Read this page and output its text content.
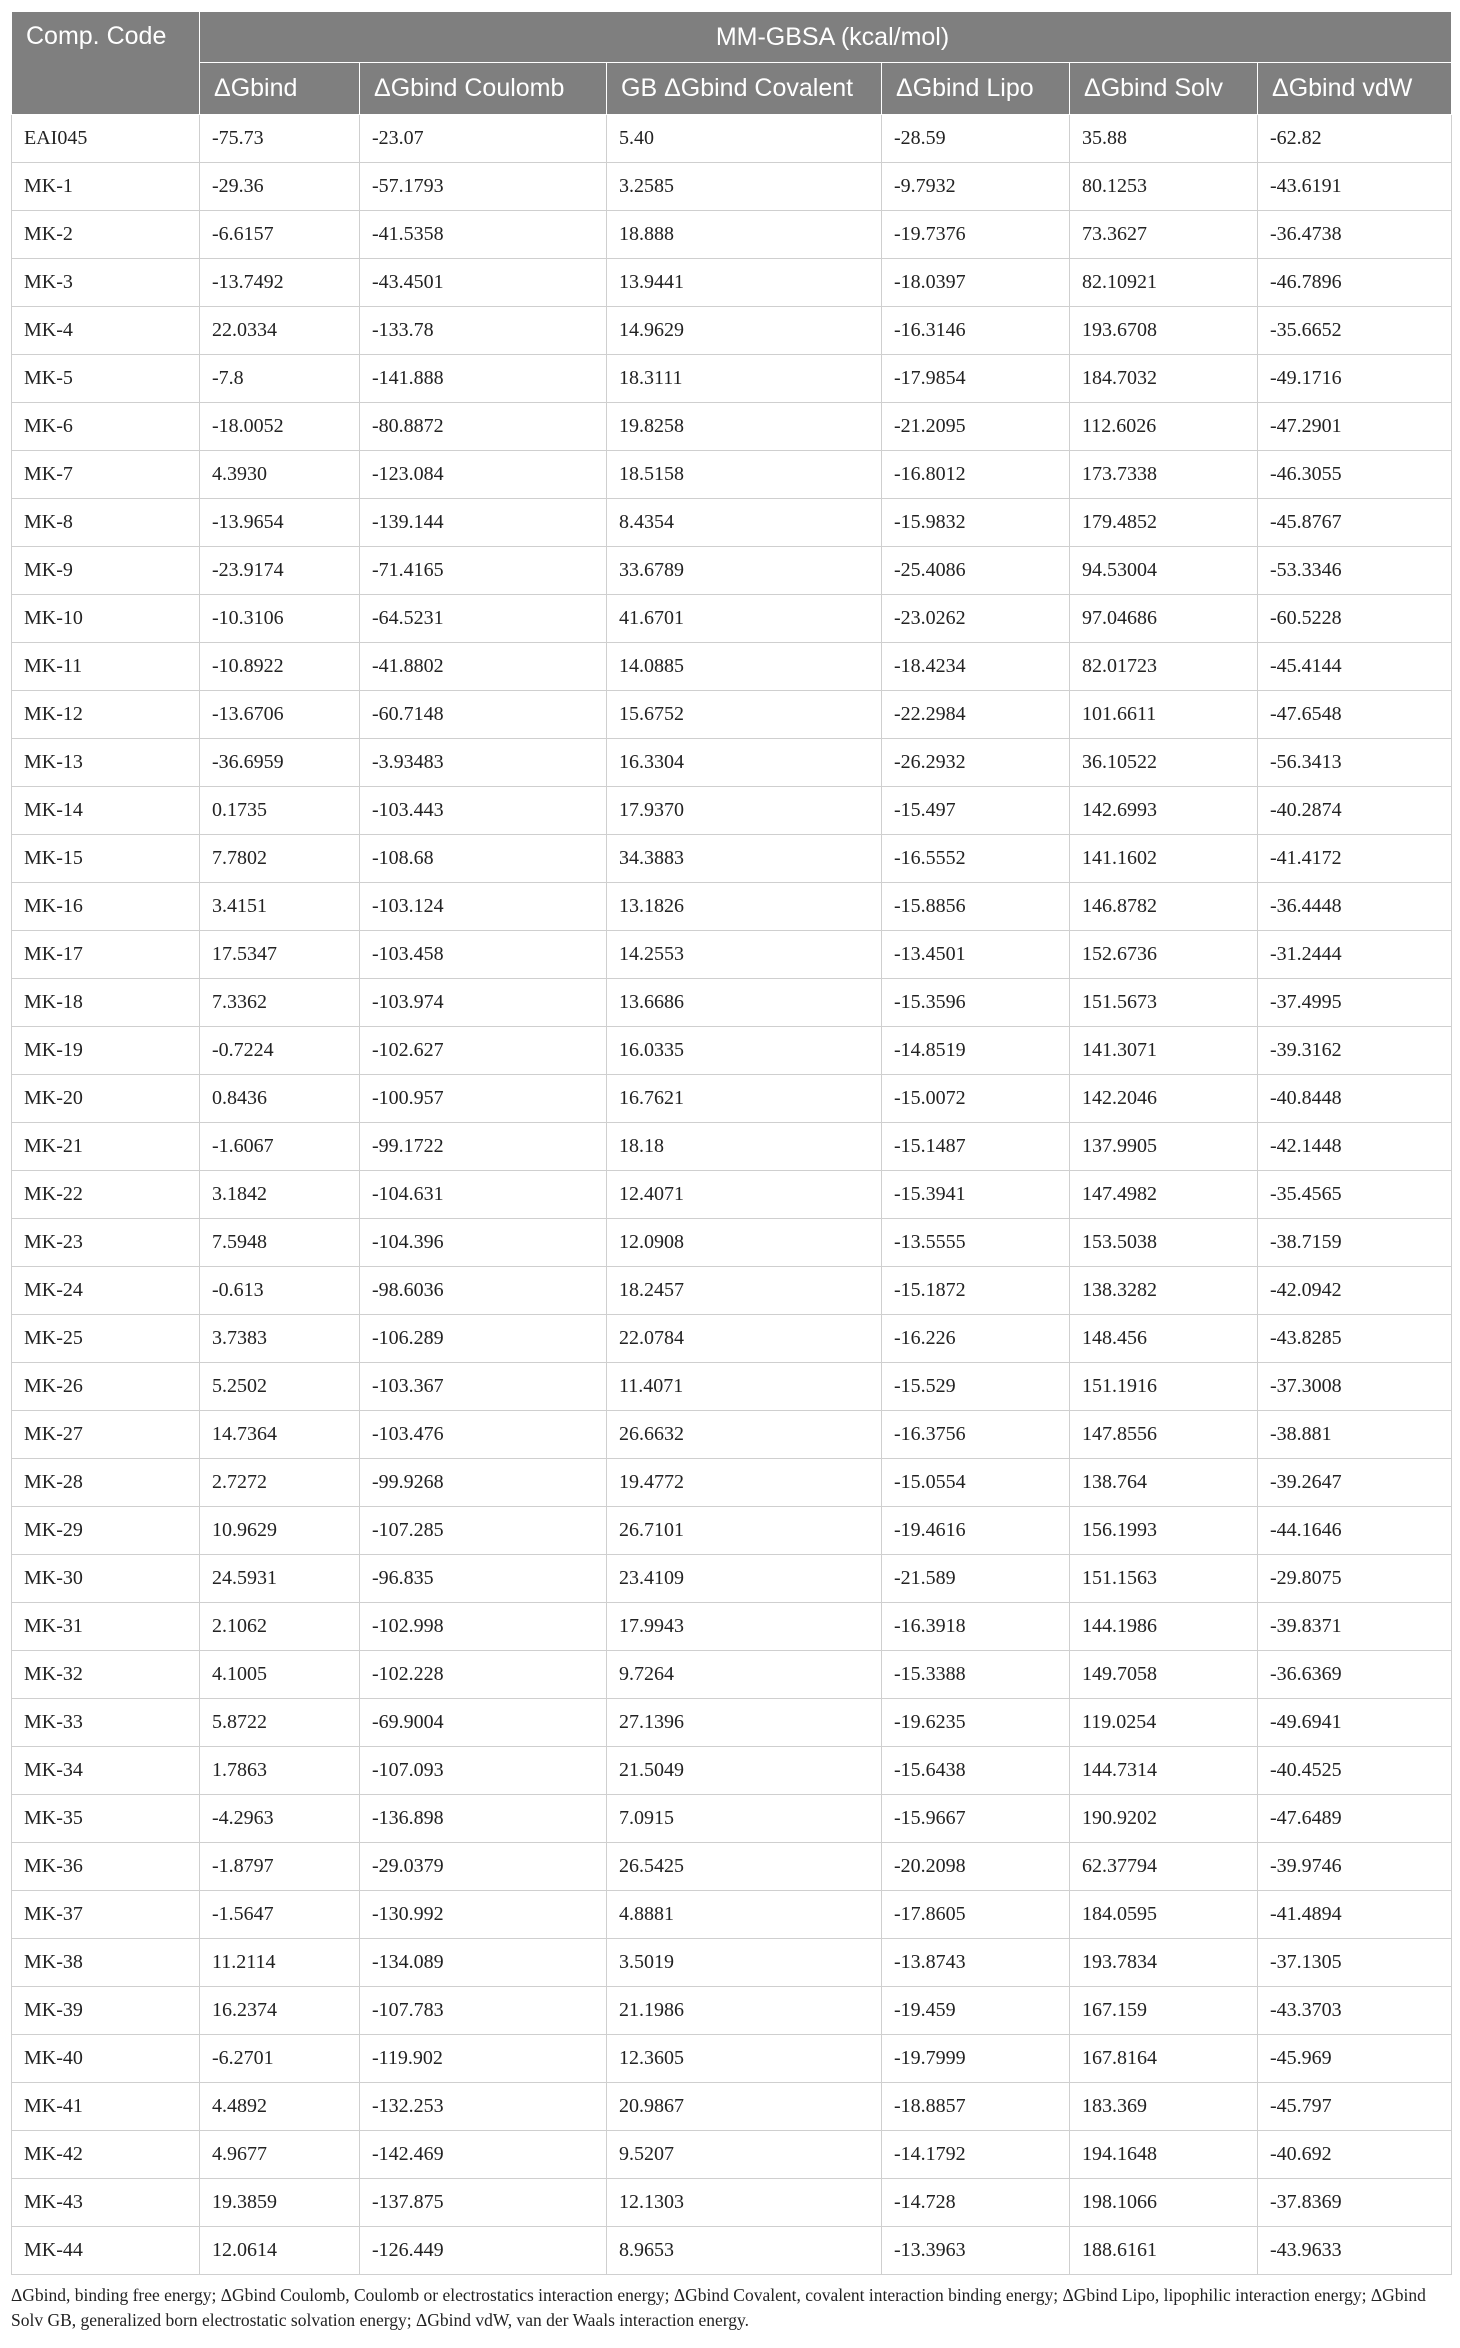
Comp. Code	MM-GBSA (kcal/mol)					
	ΔGbind	ΔGbind Coulomb	GB ΔGbind Covalent	ΔGbind Lipo	ΔGbind Solv	ΔGbind vdW
EAI045	-75.73	-23.07	5.40	-28.59	35.88	-62.82
MK-1	-29.36	-57.1793	3.2585	-9.7932	80.1253	-43.6191
MK-2	-6.6157	-41.5358	18.888	-19.7376	73.3627	-36.4738
MK-3	-13.7492	-43.4501	13.9441	-18.0397	82.10921	-46.7896
MK-4	22.0334	-133.78	14.9629	-16.3146	193.6708	-35.6652
MK-5	-7.8	-141.888	18.3111	-17.9854	184.7032	-49.1716
MK-6	-18.0052	-80.8872	19.8258	-21.2095	112.6026	-47.2901
MK-7	4.3930	-123.084	18.5158	-16.8012	173.7338	-46.3055
MK-8	-13.9654	-139.144	8.4354	-15.9832	179.4852	-45.8767
MK-9	-23.9174	-71.4165	33.6789	-25.4086	94.53004	-53.3346
MK-10	-10.3106	-64.5231	41.6701	-23.0262	97.04686	-60.5228
MK-11	-10.8922	-41.8802	14.0885	-18.4234	82.01723	-45.4144
MK-12	-13.6706	-60.7148	15.6752	-22.2984	101.6611	-47.6548
MK-13	-36.6959	-3.93483	16.3304	-26.2932	36.10522	-56.3413
MK-14	0.1735	-103.443	17.9370	-15.497	142.6993	-40.2874
MK-15	7.7802	-108.68	34.3883	-16.5552	141.1602	-41.4172
MK-16	3.4151	-103.124	13.1826	-15.8856	146.8782	-36.4448
MK-17	17.5347	-103.458	14.2553	-13.4501	152.6736	-31.2444
MK-18	7.3362	-103.974	13.6686	-15.3596	151.5673	-37.4995
MK-19	-0.7224	-102.627	16.0335	-14.8519	141.3071	-39.3162
MK-20	0.8436	-100.957	16.7621	-15.0072	142.2046	-40.8448
MK-21	-1.6067	-99.1722	18.18	-15.1487	137.9905	-42.1448
MK-22	3.1842	-104.631	12.4071	-15.3941	147.4982	-35.4565
MK-23	7.5948	-104.396	12.0908	-13.5555	153.5038	-38.7159
MK-24	-0.613	-98.6036	18.2457	-15.1872	138.3282	-42.0942
MK-25	3.7383	-106.289	22.0784	-16.226	148.456	-43.8285
MK-26	5.2502	-103.367	11.4071	-15.529	151.1916	-37.3008
MK-27	14.7364	-103.476	26.6632	-16.3756	147.8556	-38.881
MK-28	2.7272	-99.9268	19.4772	-15.0554	138.764	-39.2647
MK-29	10.9629	-107.285	26.7101	-19.4616	156.1993	-44.1646
MK-30	24.5931	-96.835	23.4109	-21.589	151.1563	-29.8075
MK-31	2.1062	-102.998	17.9943	-16.3918	144.1986	-39.8371
MK-32	4.1005	-102.228	9.7264	-15.3388	149.7058	-36.6369
MK-33	5.8722	-69.9004	27.1396	-19.6235	119.0254	-49.6941
MK-34	1.7863	-107.093	21.5049	-15.6438	144.7314	-40.4525
MK-35	-4.2963	-136.898	7.0915	-15.9667	190.9202	-47.6489
MK-36	-1.8797	-29.0379	26.5425	-20.2098	62.37794	-39.9746
MK-37	-1.5647	-130.992	4.8881	-17.8605	184.0595	-41.4894
MK-38	11.2114	-134.089	3.5019	-13.8743	193.7834	-37.1305
MK-39	16.2374	-107.783	21.1986	-19.459	167.159	-43.3703
MK-40	-6.2701	-119.902	12.3605	-19.7999	167.8164	-45.969
MK-41	4.4892	-132.253	20.9867	-18.8857	183.369	-45.797
MK-42	4.9677	-142.469	9.5207	-14.1792	194.1648	-40.692
MK-43	19.3859	-137.875	12.1303	-14.728	198.1066	-37.8369
MK-44	12.0614	-126.449	8.9653	-13.3963	188.6161	-43.9633
ΔGbind, binding free energy; ΔGbind Coulomb, Coulomb or electrostatics interaction energy; ΔGbind Covalent, covalent interaction binding energy; ΔGbind Lipo, lipophilic interaction energy; ΔGbind Solv GB, generalized born electrostatic solvation energy; ΔGbind vdW, van der Waals interaction energy.
